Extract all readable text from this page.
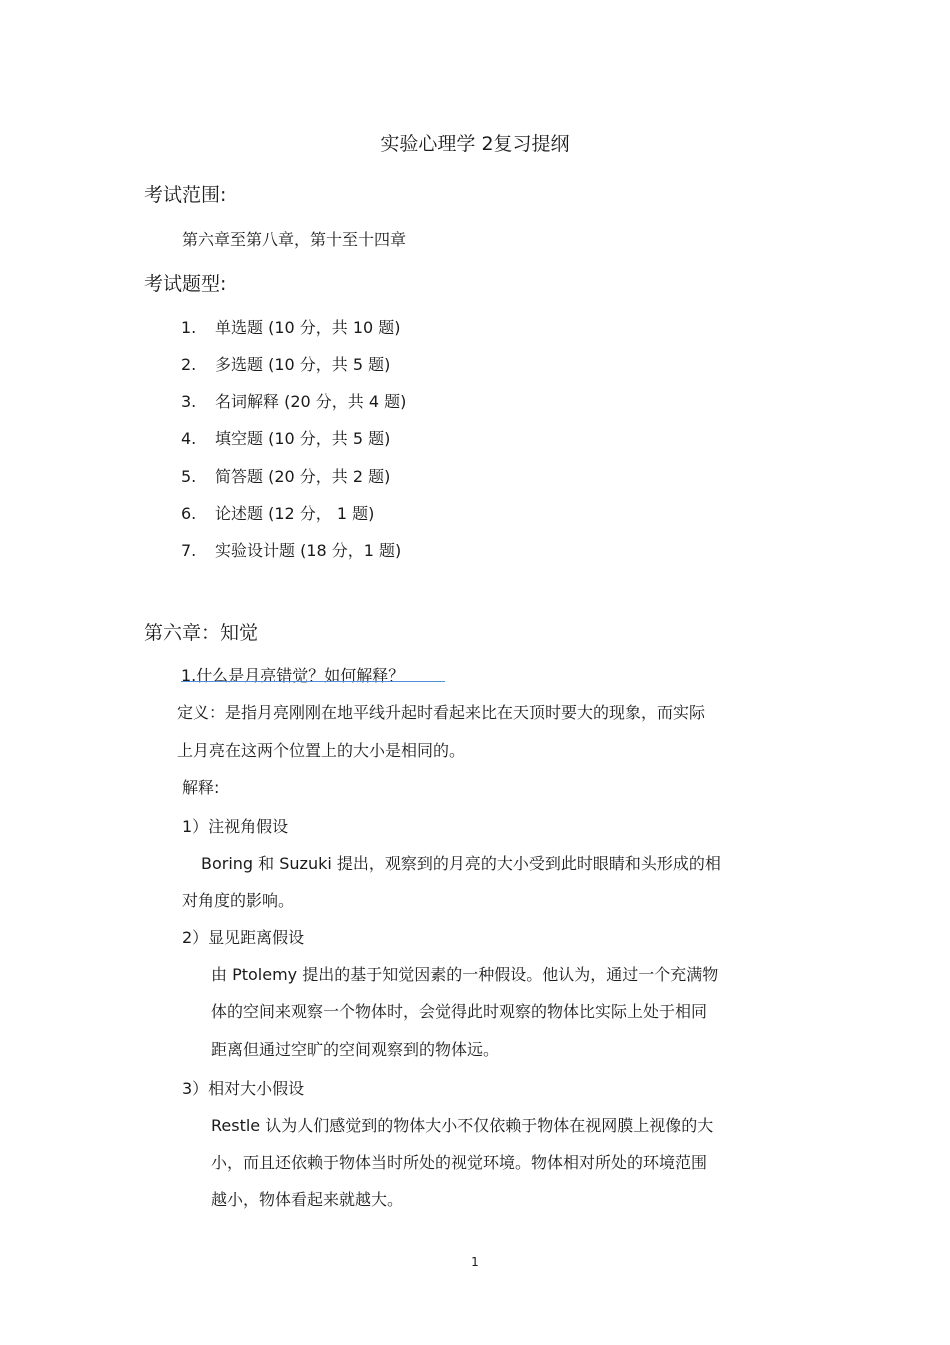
实验心理学 2复习提纲
考试范围:
第六章至第八章，第十至十四章
考试题型:
1. 单选题 (10 分，共 10 题)
2. 多选题 (10 分，共 5 题)
3. 名词解释 (20 分，共 4 题)
4. 填空题 (10 分，共 5 题)
5. 简答题 (20 分，共 2 题)
6. 论述题 (12 分， 1 题)
7. 实验设计题 (18 分，1 题)
第六章：知觉
1.什么是月亮错觉？如何解释？
定义：是指月亮刚刚在地平线升起时看起来比在天顶时要大的现象，而实际
上月亮在这两个位置上的大小是相同的。
解释:
1）注视角假设
Boring 和 Suzuki 提出，观察到的月亮的大小受到此时眼睛和头形成的相
对角度的影响。
2）显见距离假设
由 Ptolemy 提出的基于知觉因素的一种假设。他认为，通过一个充满物
体的空间来观察一个物体时，会觉得此时观察的物体比实际上处于相同
距离但通过空旷的空间观察到的物体远。
3）相对大小假设
Restle 认为人们感觉到的物体大小不仅依赖于物体在视网膜上视像的大
小，而且还依赖于物体当时所处的视觉环境。物体相对所处的环境范围
越小，物体看起来就越大。
1
